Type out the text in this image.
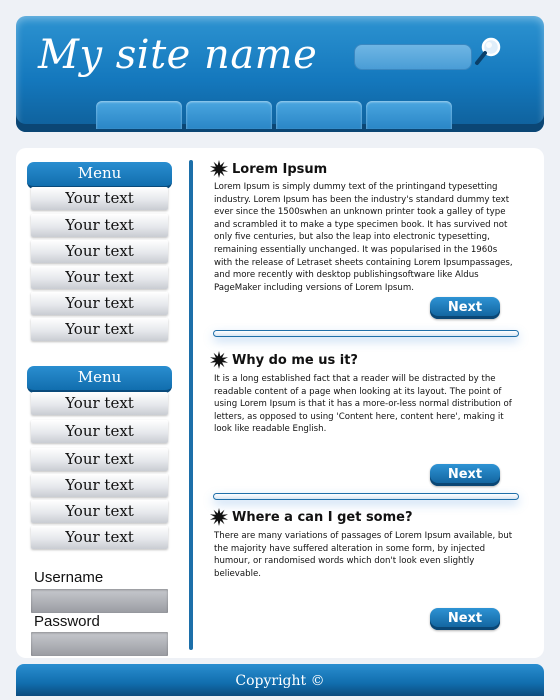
My site name
Menu
Your text
Your text
Your text
Your text
Your text
Your text
Menu
Your text
Your text
Your text
Your text
Your text
Your text
Username
Password
Lorem Ipsum

Lorem Ipsum is simply dummy text of the printingand typesetting industry. Lorem Ipsum has been the industry's standard dummy text ever since the 1500swhen an unknown printer took a galley of type and scrambled it to make a type specimen book. It has survived not only five centuries, but also the leap into electronic typesetting, remaining essentially unchanged. It was popularised in the 1960s with the release of Letraset sheets containing Lorem Ipsumpassages, and more recently with desktop publishingsoftware like Aldus PageMaker including versions of Lorem Ipsum.

Next
Why do me us it?

It is a long established fact that a reader will be distracted by the readable content of a page when looking at its layout. The point of using Lorem Ipsum is that it has a more-or-less normal distribution of letters, as opposed to using 'Content here, content here', making it look like readable English.

Next
Where a can I get some?

There are many variations of passages of Lorem Ipsum available, but the majority have suffered alteration in some form, by injected humour, or randomised words which don't look even slightly believable.

Next
Copyright ©
